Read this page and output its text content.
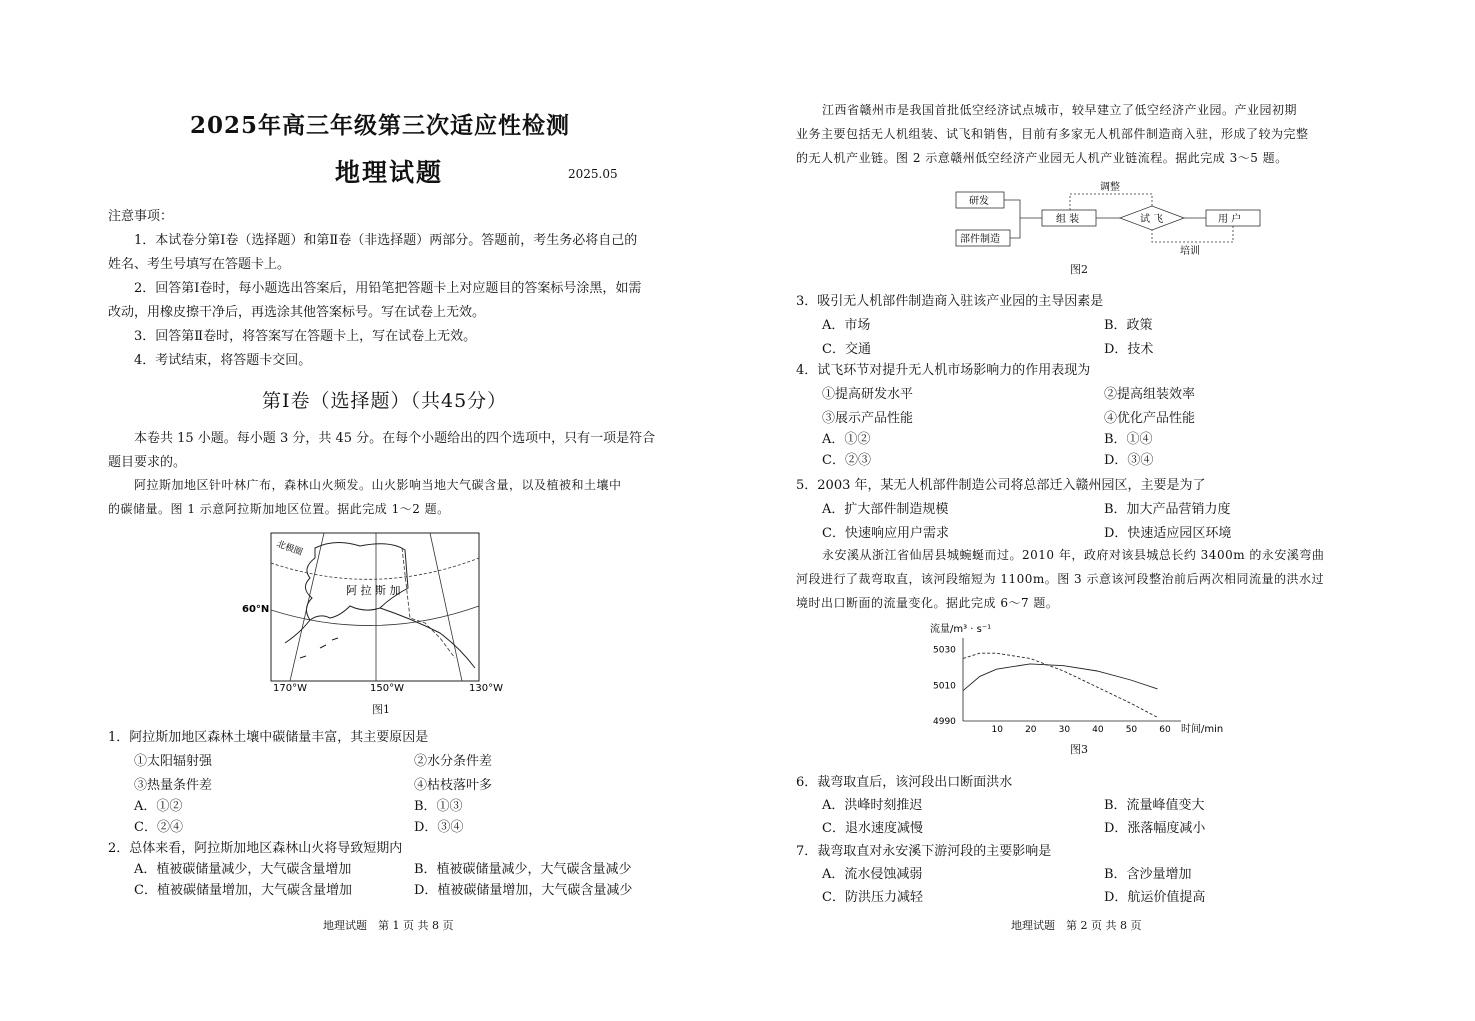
2025年高三年级第三次适应性检测
地理试题	2025.05
注意事项：
1．本试卷分第Ⅰ卷（选择题）和第Ⅱ卷（非选择题）两部分。答题前，考生务必将自己的
姓名、考生号填写在答题卡上。
2．回答第Ⅰ卷时，每小题选出答案后，用铅笔把答题卡上对应题目的答案标号涂黑，如需
改动，用橡皮擦干净后，再选涂其他答案标号。写在试卷上无效。
3．回答第Ⅱ卷时，将答案写在答题卡上，写在试卷上无效。
4．考试结束，将答题卡交回。
第Ⅰ卷（选择题）（共45分）
本卷共 15 小题。每小题 3 分，共 45 分。在每个小题给出的四个选项中，只有一项是符合
题目要求的。
阿拉斯加地区针叶林广布，森林山火频发。山火影响当地大气碳含量，以及植被和土壤中
的碳储量。图 1 示意阿拉斯加地区位置。据此完成 1～2 题。
北极圈
阿 拉 斯 加
60°N
170°W	150°W	130°W
图1
1．阿拉斯加地区森林土壤中碳储量丰富，其主要原因是
①太阳辐射强	②水分条件差
③热量条件差	④枯枝落叶多
A．①②	B．①③
C．②④	D．③④
2．总体来看，阿拉斯加地区森林山火将导致短期内
A．植被碳储量减少，大气碳含量增加	B．植被碳储量减少，大气碳含量减少
C．植被碳储量增加，大气碳含量增加	D．植被碳储量增加，大气碳含量减少
地理试题　第 1 页 共 8 页
江西省赣州市是我国首批低空经济试点城市，较早建立了低空经济产业园。产业园初期
业务主要包括无人机组装、试飞和销售，目前有多家无人机部件制造商入驻，形成了较为完整
的无人机产业链。图 2 示意赣州低空经济产业园无人机产业链流程。据此完成 3～5 题。
研发
部件制造
组 装	试 飞	用 户
调整
培训
图2
3．吸引无人机部件制造商入驻该产业园的主导因素是
A．市场	B．政策
C．交通	D．技术
4．试飞环节对提升无人机市场影响力的作用表现为
①提高研发水平	②提高组装效率
③展示产品性能	④优化产品性能
A．①②	B．①④
C．②③	D．③④
5．2003 年，某无人机部件制造公司将总部迁入赣州园区，主要是为了
A．扩大部件制造规模	B．加大产品营销力度
C．快速响应用户需求	D．快速适应园区环境
永安溪从浙江省仙居县城蜿蜒而过。2010 年，政府对该县城总长约 3400m 的永安溪弯曲
河段进行了裁弯取直，该河段缩短为 1100m。图 3 示意该河段整治前后两次相同流量的洪水过
境时出口断面的流量变化。据此完成 6～7 题。
流量/m³ · s⁻¹
时间/min
10 20 30 40 50 60
4990
5010
5030
图3
6．裁弯取直后，该河段出口断面洪水
A．洪峰时刻推迟	B．流量峰值变大
C．退水速度减慢	D．涨落幅度减小
7．裁弯取直对永安溪下游河段的主要影响是
A．流水侵蚀减弱	B．含沙量增加
C．防洪压力减轻	D．航运价值提高
地理试题　第 2 页 共 8 页
